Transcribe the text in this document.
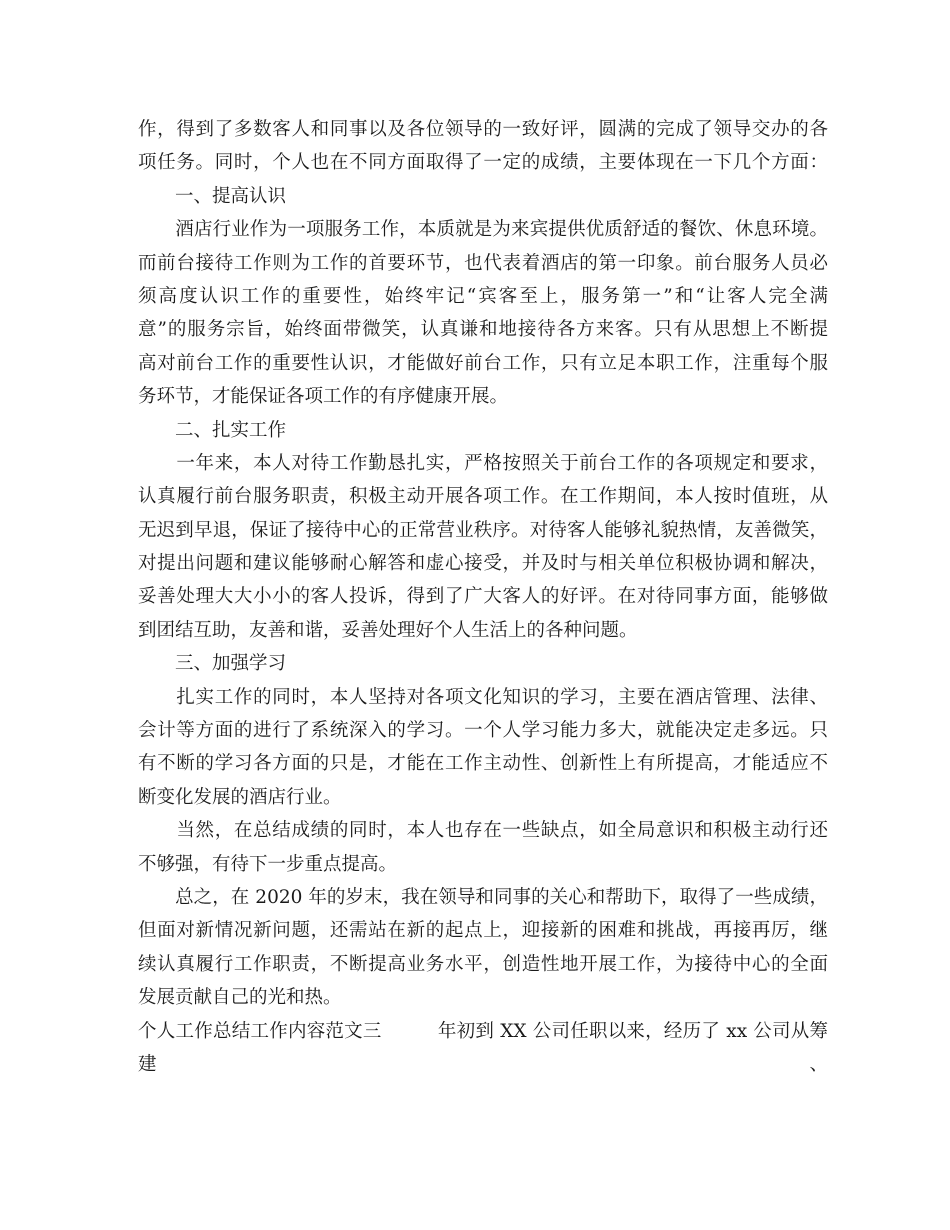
作，得到了多数客人和同事以及各位领导的一致好评，圆满的完成了领导交办的各
项任务。同时，个人也在不同方面取得了一定的成绩，主要体现在一下几个方面：
　　一、提高认识
　　酒店行业作为一项服务工作，本质就是为来宾提供优质舒适的餐饮、休息环境。
而前台接待工作则为工作的首要环节，也代表着酒店的第一印象。前台服务人员必
须高度认识工作的重要性，始终牢记“宾客至上，服务第一”和“让客人完全满
意”的服务宗旨，始终面带微笑，认真谦和地接待各方来客。只有从思想上不断提
高对前台工作的重要性认识，才能做好前台工作，只有立足本职工作，注重每个服
务环节，才能保证各项工作的有序健康开展。
　　二、扎实工作
　　一年来，本人对待工作勤恳扎实，严格按照关于前台工作的各项规定和要求，
认真履行前台服务职责，积极主动开展各项工作。在工作期间，本人按时值班，从
无迟到早退，保证了接待中心的正常营业秩序。对待客人能够礼貌热情，友善微笑，
对提出问题和建议能够耐心解答和虚心接受，并及时与相关单位积极协调和解决，
妥善处理大大小小的客人投诉，得到了广大客人的好评。在对待同事方面，能够做
到团结互助，友善和谐，妥善处理好个人生活上的各种问题。
　　三、加强学习
　　扎实工作的同时，本人坚持对各项文化知识的学习，主要在酒店管理、法律、
会计等方面的进行了系统深入的学习。一个人学习能力多大，就能决定走多远。只
有不断的学习各方面的只是，才能在工作主动性、创新性上有所提高，才能适应不
断变化发展的酒店行业。
　　当然，在总结成绩的同时，本人也存在一些缺点，如全局意识和积极主动行还
不够强，有待下一步重点提高。
　　总之，在 2020 年的岁末，我在领导和同事的关心和帮助下，取得了一些成绩，
但面对新情况新问题，还需站在新的起点上，迎接新的困难和挑战，再接再厉，继
续认真履行工作职责，不断提高业务水平，创造性地开展工作，为接待中心的全面
发展贡献自己的光和热。
个人工作总结工作内容范文三　　　年初到 XX 公司任职以来，经历了 xx 公司从筹建、
